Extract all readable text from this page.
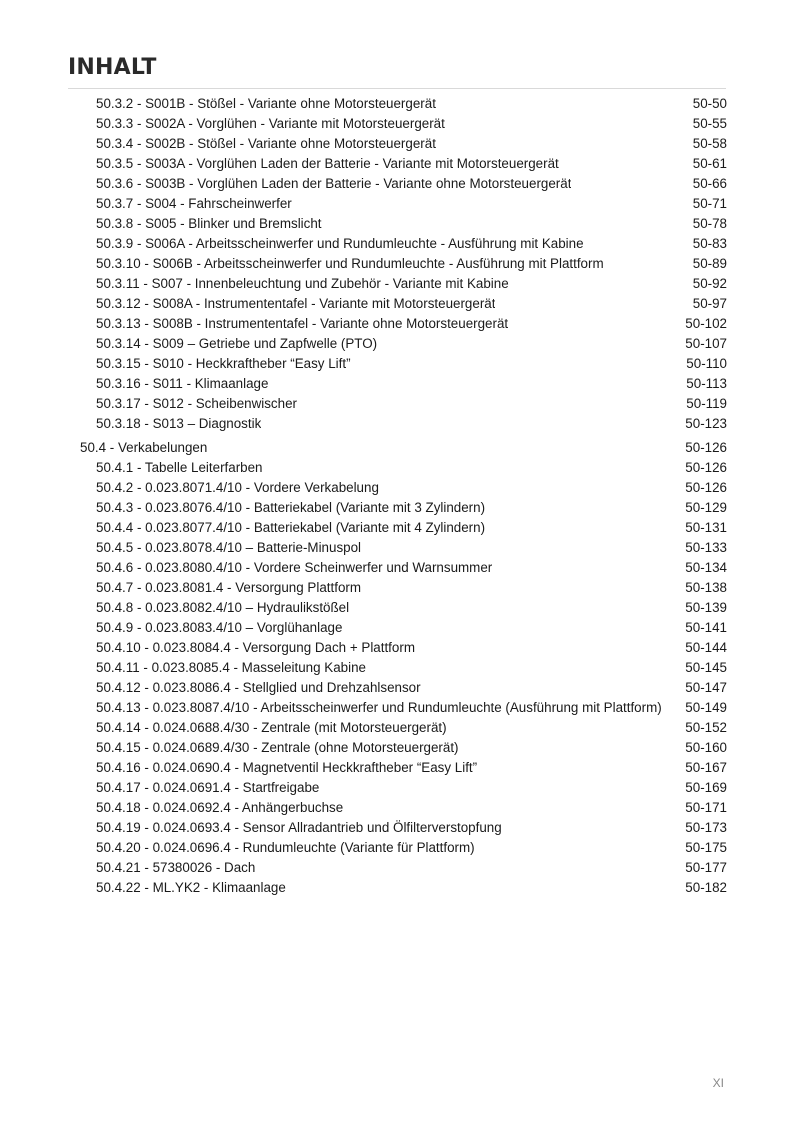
INHALT
50.3.2 - S001B - Stößel - Variante ohne Motorsteuergerät	50-50
50.3.3 - S002A - Vorglühen - Variante mit Motorsteuergerät	50-55
50.3.4 - S002B - Stößel - Variante ohne Motorsteuergerät	50-58
50.3.5 - S003A - Vorglühen Laden der Batterie - Variante mit Motorsteuergerät	50-61
50.3.6 - S003B - Vorglühen Laden der Batterie - Variante ohne Motorsteuergerät	50-66
50.3.7 - S004 - Fahrscheinwerfer	50-71
50.3.8 - S005 - Blinker und Bremslicht	50-78
50.3.9 - S006A - Arbeitsscheinwerfer und Rundumleuchte - Ausführung mit Kabine	50-83
50.3.10 - S006B - Arbeitsscheinwerfer und Rundumleuchte - Ausführung mit Plattform	50-89
50.3.11 - S007 - Innenbeleuchtung und Zubehör - Variante mit Kabine	50-92
50.3.12 - S008A - Instrumententafel - Variante mit Motorsteuergerät	50-97
50.3.13 - S008B - Instrumententafel - Variante ohne Motorsteuergerät	50-102
50.3.14 - S009 – Getriebe und Zapfwelle (PTO)	50-107
50.3.15 - S010 - Heckkraftheber “Easy Lift”	50-110
50.3.16 - S011 - Klimaanlage	50-113
50.3.17 - S012 - Scheibenwischer	50-119
50.3.18 - S013 – Diagnostik	50-123
50.4 - Verkabelungen	50-126
50.4.1 - Tabelle Leiterfarben	50-126
50.4.2 - 0.023.8071.4/10 - Vordere Verkabelung	50-126
50.4.3 - 0.023.8076.4/10 - Batteriekabel (Variante mit 3 Zylindern)	50-129
50.4.4 - 0.023.8077.4/10 - Batteriekabel (Variante mit 4 Zylindern)	50-131
50.4.5 - 0.023.8078.4/10 – Batterie-Minuspol	50-133
50.4.6 - 0.023.8080.4/10 - Vordere Scheinwerfer und Warnsummer	50-134
50.4.7 - 0.023.8081.4 - Versorgung Plattform	50-138
50.4.8 - 0.023.8082.4/10 – Hydraulikstößel	50-139
50.4.9 - 0.023.8083.4/10 – Vorglühanlage	50-141
50.4.10 - 0.023.8084.4 - Versorgung Dach + Plattform	50-144
50.4.11 - 0.023.8085.4 - Masseleitung Kabine	50-145
50.4.12 - 0.023.8086.4 - Stellglied und Drehzahlsensor	50-147
50.4.13 - 0.023.8087.4/10 - Arbeitsscheinwerfer und Rundumleuchte (Ausführung mit Plattform)	50-149
50.4.14 - 0.024.0688.4/30 - Zentrale (mit Motorsteuergerät)	50-152
50.4.15 - 0.024.0689.4/30 - Zentrale (ohne Motorsteuergerät)	50-160
50.4.16 - 0.024.0690.4 - Magnetventil Heckkraftheber “Easy Lift”	50-167
50.4.17 - 0.024.0691.4 - Startfreigabe	50-169
50.4.18 - 0.024.0692.4 - Anhängerbuchse	50-171
50.4.19 - 0.024.0693.4 - Sensor Allradantrieb und Ölfilterverstopfung	50-173
50.4.20 - 0.024.0696.4 - Rundumleuchte (Variante für Plattform)	50-175
50.4.21 - 57380026 - Dach	50-177
50.4.22 - ML.YK2 - Klimaanlage	50-182
XI
